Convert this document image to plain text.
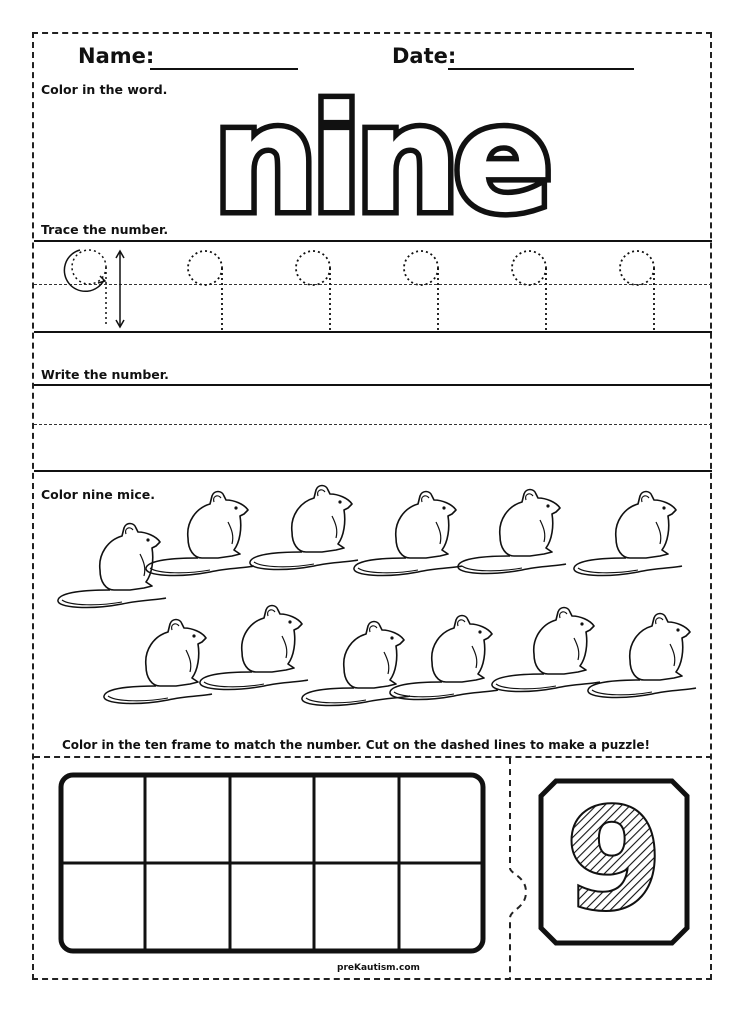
Name:	Date:
Color in the word. nine
Trace the number.
Write the number.
Color nine mice.
Color in the ten frame to match the number. Cut on the dashed lines to make a puzzle!
9
preKautism.com
